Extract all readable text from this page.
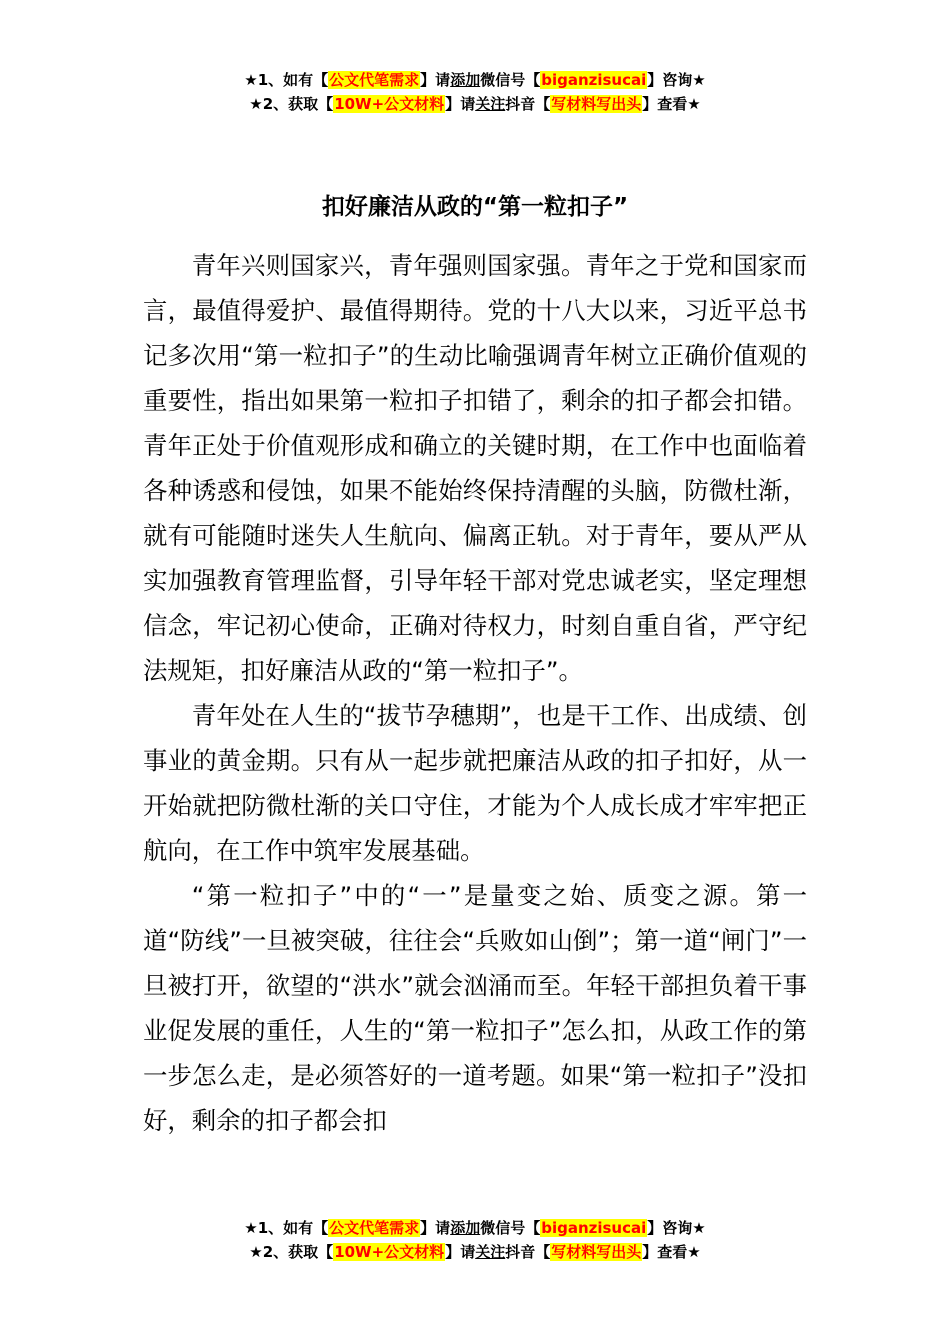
★1、如有【公文代笔需求】请添加微信号【biganzisucai】咨询★
★2、获取【10W+公文材料】请关注抖音【写材料写出头】查看★
扣好廉洁从政的“第一粒扣子”

青年兴则国家兴，青年强则国家强。青年之于党和国家而言，最值得爱护、最值得期待。党的十八大以来，习近平总书记多次用“第一粒扣子”的生动比喻强调青年树立正确价值观的重要性，指出如果第一粒扣子扣错了，剩余的扣子都会扣错。青年正处于价值观形成和确立的关键时期，在工作中也面临着各种诱惑和侵蚀，如果不能始终保持清醒的头脑，防微杜渐，就有可能随时迷失人生航向、偏离正轨。对于青年，要从严从实加强教育管理监督，引导年轻干部对党忠诚老实，坚定理想信念，牢记初心使命，正确对待权力，时刻自重自省，严守纪法规矩，扣好廉洁从政的“第一粒扣子”。

青年处在人生的“拔节孕穗期”，也是干工作、出成绩、创事业的黄金期。只有从一起步就把廉洁从政的扣子扣好，从一开始就把防微杜渐的关口守住，才能为个人成长成才牢牢把正航向，在工作中筑牢发展基础。

“第一粒扣子”中的“一”是量变之始、质变之源。第一道“防线”一旦被突破，往往会“兵败如山倒”；第一道“闸门”一旦被打开，欲望的“洪水”就会汹涌而至。年轻干部担负着干事业促发展的重任，人生的“第一粒扣子”怎么扣，从政工作的第一步怎么走，是必须答好的一道考题。如果“第一粒扣子”没扣好，剩余的扣子都会扣

★1、如有【公文代笔需求】请添加微信号【biganzisucai】咨询★
★2、获取【10W+公文材料】请关注抖音【写材料写出头】查看★
